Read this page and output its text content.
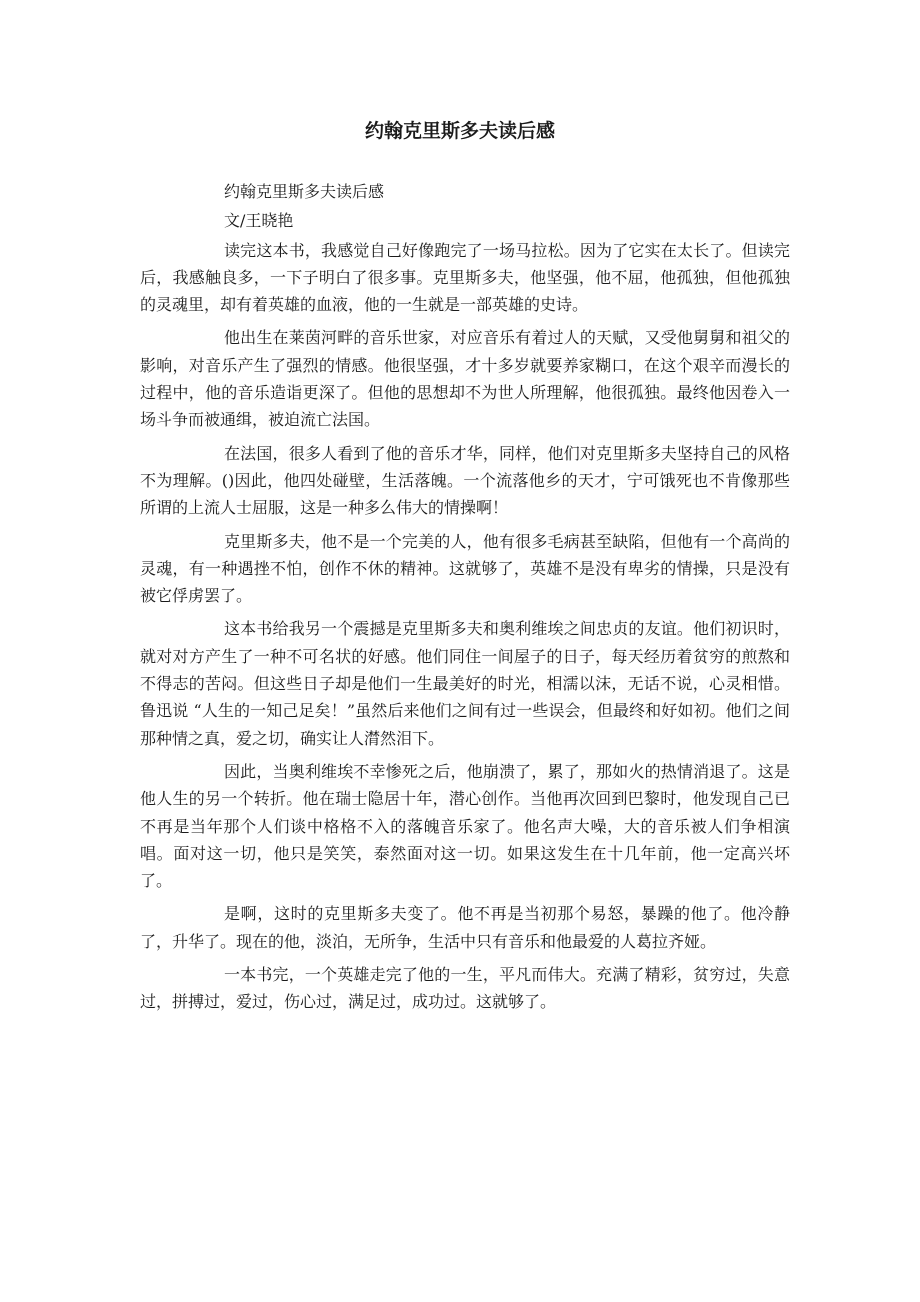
约翰克里斯多夫读后感

约翰克里斯多夫读后感

文/王晓艳

读完这本书，我感觉自己好像跑完了一场马拉松。因为了它实在太长了。但读完后，我感触良多，一下子明白了很多事。克里斯多夫，他坚强，他不屈，他孤独，但他孤独的灵魂里，却有着英雄的血液，他的一生就是一部英雄的史诗。

他出生在莱茵河畔的音乐世家，对应音乐有着过人的天赋，又受他舅舅和祖父的影响，对音乐产生了强烈的情感。他很坚强，才十多岁就要养家糊口，在这个艰辛而漫长的过程中，他的音乐造诣更深了。但他的思想却不为世人所理解，他很孤独。最终他因卷入一场斗争而被通缉，被迫流亡法国。

在法国，很多人看到了他的音乐才华，同样，他们对克里斯多夫坚持自己的风格不为理解。()因此，他四处碰壁，生活落魄。一个流落他乡的天才，宁可饿死也不肯像那些所谓的上流人士屈服，这是一种多么伟大的情操啊！

克里斯多夫，他不是一个完美的人，他有很多毛病甚至缺陷，但他有一个高尚的灵魂，有一种遇挫不怕，创作不休的精神。这就够了，英雄不是没有卑劣的情操，只是没有被它俘虏罢了。

这本书给我另一个震撼是克里斯多夫和奥利维埃之间忠贞的友谊。他们初识时，就对对方产生了一种不可名状的好感。他们同住一间屋子的日子，每天经历着贫穷的煎熬和不得志的苦闷。但这些日子却是他们一生最美好的时光，相濡以沫，无话不说，心灵相惜。鲁迅说 “人生的一知己足矣！”虽然后来他们之间有过一些误会，但最终和好如初。他们之间那种情之真，爱之切，确实让人潸然泪下。

因此，当奥利维埃不幸惨死之后，他崩溃了，累了，那如火的热情消退了。这是他人生的另一个转折。他在瑞士隐居十年，潜心创作。当他再次回到巴黎时，他发现自己已不再是当年那个人们谈中格格不入的落魄音乐家了。他名声大噪，大的音乐被人们争相演唱。面对这一切，他只是笑笑，泰然面对这一切。如果这发生在十几年前，他一定高兴坏了。

是啊，这时的克里斯多夫变了。他不再是当初那个易怒，暴躁的他了。他冷静了，升华了。现在的他，淡泊，无所争，生活中只有音乐和他最爱的人葛拉齐娅。

一本书完，一个英雄走完了他的一生，平凡而伟大。充满了精彩，贫穷过，失意过，拼搏过，爱过，伤心过，满足过，成功过。这就够了。
